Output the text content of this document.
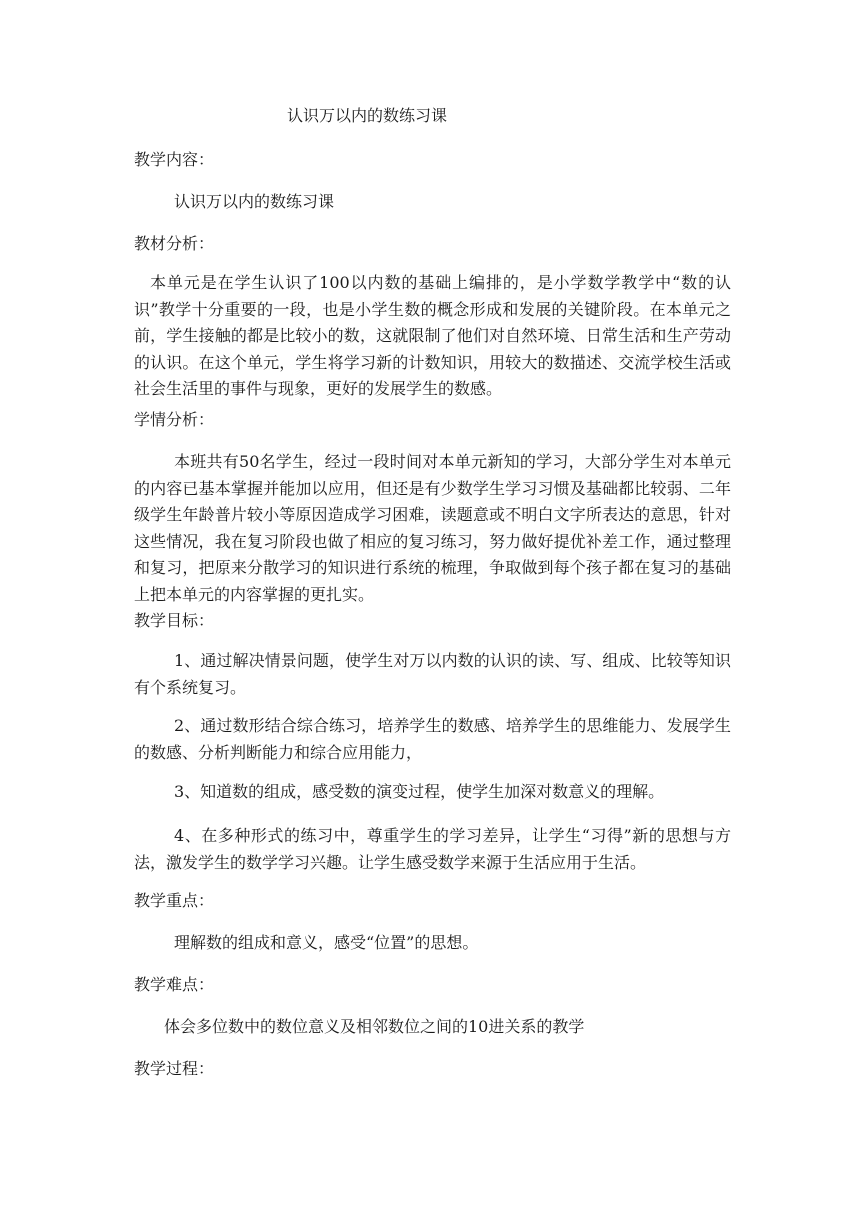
认识万以内的数练习课
教学内容：
认识万以内的数练习课
教材分析：
本单元是在学生认识了100以内数的基础上编排的，是小学数学教学中“数的认识”教学十分重要的一段，也是小学生数的概念形成和发展的关键阶段。在本单元之前，学生接触的都是比较小的数，这就限制了他们对自然环境、日常生活和生产劳动的认识。在这个单元，学生将学习新的计数知识，用较大的数描述、交流学校生活或社会生活里的事件与现象，更好的发展学生的数感。
学情分析：
本班共有50名学生，经过一段时间对本单元新知的学习，大部分学生对本单元的内容已基本掌握并能加以应用，但还是有少数学生学习习惯及基础都比较弱、二年级学生年龄普片较小等原因造成学习困难，读题意或不明白文字所表达的意思，针对这些情况，我在复习阶段也做了相应的复习练习，努力做好提优补差工作，通过整理和复习，把原来分散学习的知识进行系统的梳理，争取做到每个孩子都在复习的基础上把本单元的内容掌握的更扎实。
教学目标：
1、通过解决情景问题，使学生对万以内数的认识的读、写、组成、比较等知识有个系统复习。
2、通过数形结合综合练习，培养学生的数感、培养学生的思维能力、发展学生的数感、分析判断能力和综合应用能力，
3、知道数的组成，感受数的演变过程，使学生加深对数意义的理解。
4、在多种形式的练习中，尊重学生的学习差异，让学生“习得”新的思想与方法，激发学生的数学学习兴趣。让学生感受数学来源于生活应用于生活。
教学重点：
理解数的组成和意义，感受“位置”的思想。
教学难点：
体会多位数中的数位意义及相邻数位之间的10进关系的教学
教学过程：
